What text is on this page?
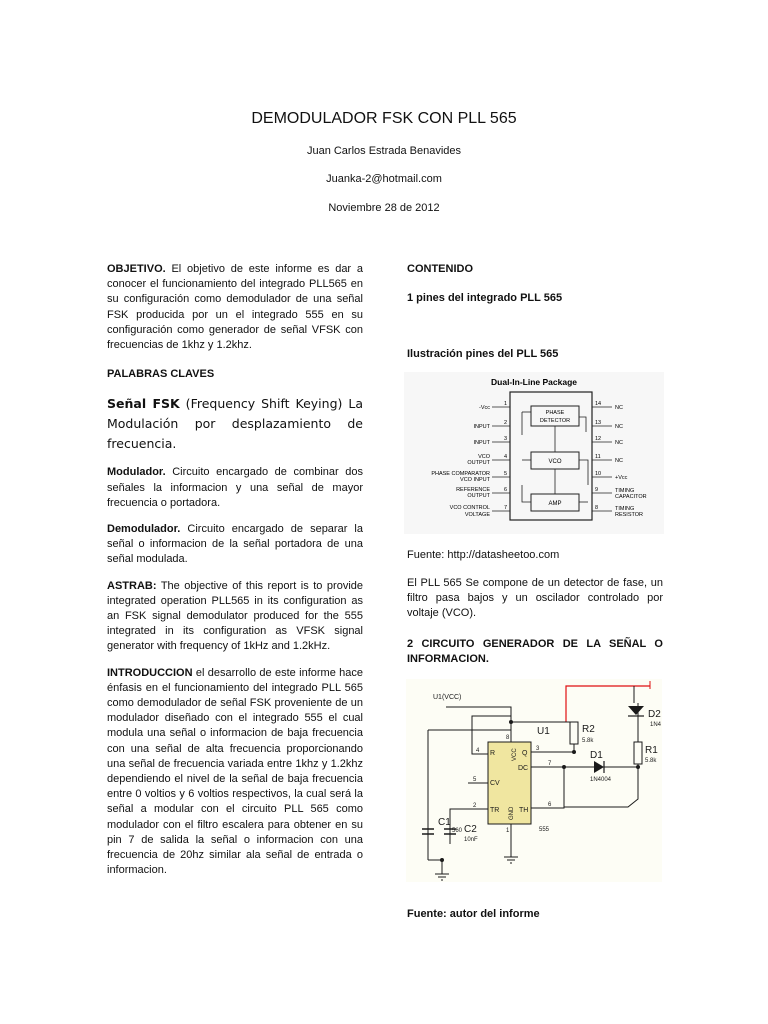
DEMODULADOR FSK CON PLL 565
Juan Carlos Estrada Benavides
Juanka-2@hotmail.com
Noviembre 28 de 2012

OBJETIVO. El objetivo de este informe es dar a conocer el funcionamiento del integrado PLL565 en su configuración como demodulador de una señal FSK producida por un el integrado 555 en su configuración como generador de señal VFSK con frecuencias de 1khz y 1.2khz.

PALABRAS CLAVES

Señal FSK (Frequency Shift Keying) La Modulación por desplazamiento de frecuencia.

Modulador. Circuito encargado de combinar dos señales la informacion y una señal de mayor frecuencia o portadora.

Demodulador. Circuito encargado de separar la señal o informacion de la señal portadora de una señal modulada.

ASTRAB: The objective of this report is to provide integrated operation PLL565 in its configuration as an FSK signal demodulator produced for the 555 integrated in its configuration as VFSK signal generator with frequency of 1kHz and 1.2kHz.

INTRODUCCION el desarrollo de este informe hace énfasis en el funcionamiento del integrado PLL 565 como demodulador de señal FSK proveniente de un modulador diseñado con el integrado 555 el cual modula una señal o informacion de baja frecuencia con una señal de alta frecuencia proporcionando una señal de frecuencia variada entre 1khz y 1.2khz dependiendo el nivel de la señal de baja frecuencia entre 0 voltios y 6 voltios respectivos, la cual será la señal a modular con el circuito PLL 565 como modulador con el filtro escalera para obtener en su pin 7 de salida la señal o informacion con una frecuencia de 20hz similar ala señal de entrada o informacion.

CONTENIDO
1 pines del integrado PLL 565
Ilustración pines del PLL 565
Dual-In-Line Package
PHASE
DETECTOR
VCO
AMP
-Vcc
INPUT
INPUT
VCO
OUTPUT
PHASE COMPARATOR
VCO INPUT
REFERENCE
OUTPUT
VCO CONTROL
VOLTAGE
1
2
3
4
5
6
7
14
13
12
11
10
9
8
NC
NC
NC
NC
+Vcc
TIMING
CAPACITOR
TIMING
RESISTOR
Fuente: http://datasheetoo.com

El PLL 565 Se compone de un detector de fase, un filtro pasa bajos y un oscilador controlado por voltaje (VCO).

2 CIRCUITO GENERADOR DE LA SEÑAL O INFORMACION.

U1(VCC)
U1	R2
5.8k
D1
1N4004
D2
1N4
R1
5.8k
C1
C2
560
10nF
555
R	VCC Q
DC
CV
TR GND TH
4
8
3
7
5
2
1
6
Fuente: autor del informe
